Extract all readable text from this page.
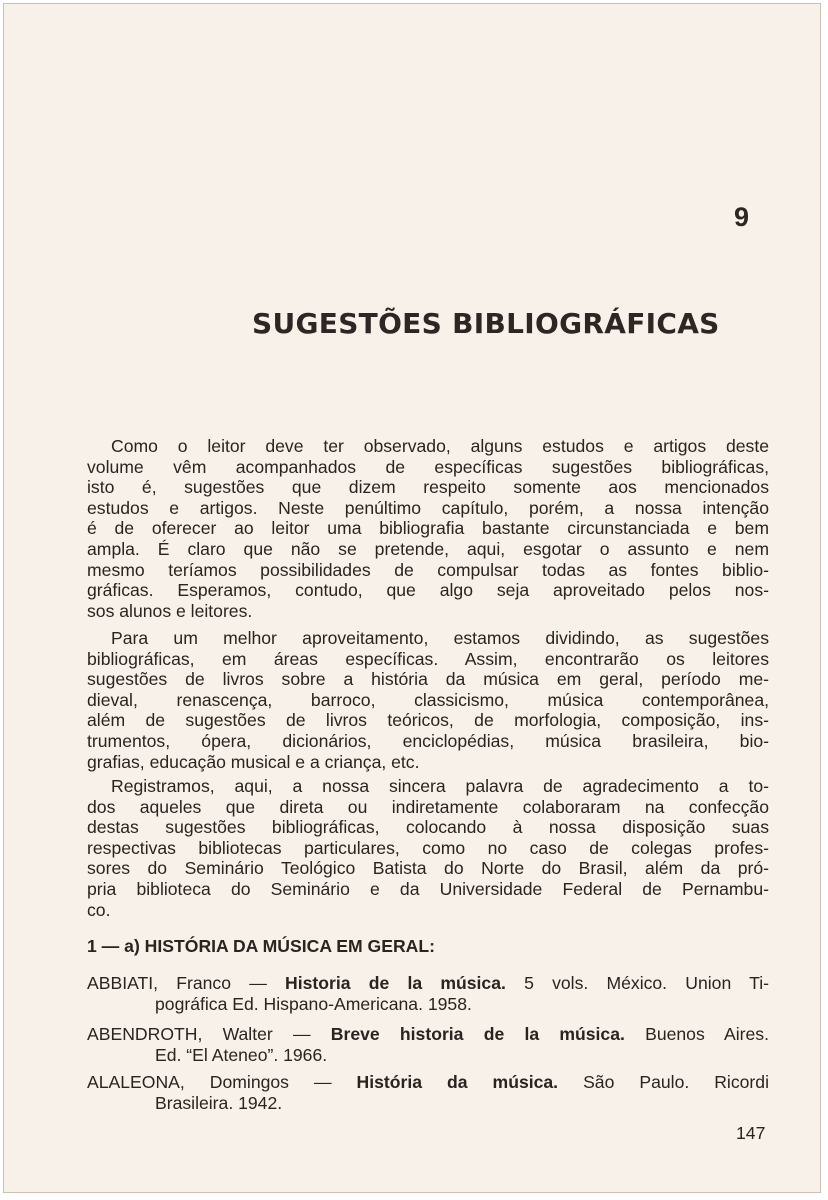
9
SUGESTÕES BIBLIOGRÁFICAS
Como o leitor deve ter observado, alguns estudos e artigos deste
volume vêm acompanhados de específicas sugestões bibliográficas,
isto é, sugestões que dizem respeito somente aos mencionados
estudos e artigos. Neste penúltimo capítulo, porém, a nossa intenção
é de oferecer ao leitor uma bibliografia bastante circunstanciada e bem
ampla. É claro que não se pretende, aqui, esgotar o assunto e nem
mesmo teríamos possibilidades de compulsar todas as fontes biblio-
gráficas. Esperamos, contudo, que algo seja aproveitado pelos nos-
sos alunos e leitores.
Para um melhor aproveitamento, estamos dividindo, as sugestões
bibliográficas, em áreas específicas. Assim, encontrarão os leitores
sugestões de livros sobre a história da música em geral, período me-
dieval, renascença, barroco, classicismo, música contemporânea,
além de sugestões de livros teóricos, de morfologia, composição, ins-
trumentos, ópera, dicionários, enciclopédias, música brasileira, bio-
grafias, educação musical e a criança, etc.
Registramos, aqui, a nossa sincera palavra de agradecimento a to-
dos aqueles que direta ou indiretamente colaboraram na confecção
destas sugestões bibliográficas, colocando à nossa disposição suas
respectivas bibliotecas particulares, como no caso de colegas profes-
sores do Seminário Teológico Batista do Norte do Brasil, além da pró-
pria biblioteca do Seminário e da Universidade Federal de Pernambu-
co.
1 — a) HISTÓRIA DA MÚSICA EM GERAL:
ABBIATI, Franco — Historia de la música. 5 vols. México. Union Ti-
pográfica Ed. Hispano-Americana. 1958.
ABENDROTH, Walter — Breve historia de la música. Buenos Aires.
Ed. “El Ateneo”. 1966.
ALALEONA, Domingos — História da música. São Paulo. Ricordi
Brasileira. 1942.
147
